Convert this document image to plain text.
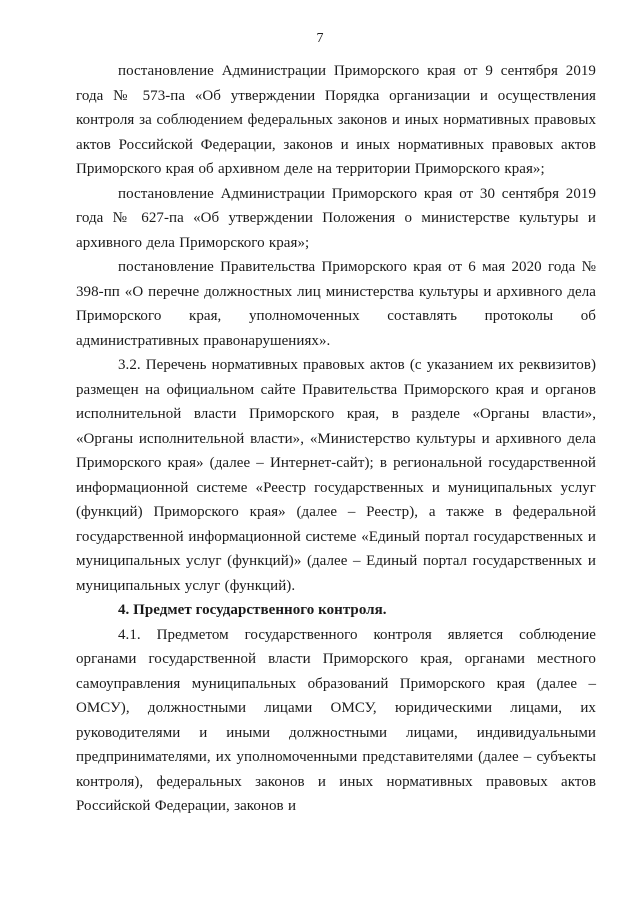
7

постановление Администрации Приморского края от 9 сентября 2019 года № 573-па «Об утверждении Порядка организации и осуществления контроля за соблюдением федеральных законов и иных нормативных правовых актов Российской Федерации, законов и иных нормативных правовых актов Приморского края об архивном деле на территории Приморского края»;

постановление Администрации Приморского края от 30 сентября 2019 года № 627-па «Об утверждении Положения о министерстве культуры и архивного дела Приморского края»;

постановление Правительства Приморского края от 6 мая 2020 года № 398-пп «О перечне должностных лиц министерства культуры и архивного дела Приморского края, уполномоченных составлять протоколы об административных правонарушениях».

3.2. Перечень нормативных правовых актов (с указанием их реквизитов) размещен на официальном сайте Правительства Приморского края и органов исполнительной власти Приморского края, в разделе «Органы власти», «Органы исполнительной власти», «Министерство культуры и архивного дела Приморского края» (далее – Интернет-сайт); в региональной государственной информационной системе «Реестр государственных и муниципальных услуг (функций) Приморского края» (далее – Реестр), а также в федеральной государственной информационной системе «Единый портал государственных и муниципальных услуг (функций)» (далее – Единый портал государственных и муниципальных услуг (функций).

4. Предмет государственного контроля.

4.1. Предметом государственного контроля является соблюдение органами государственной власти Приморского края, органами местного самоуправления муниципальных образований Приморского края (далее – ОМСУ), должностными лицами ОМСУ, юридическими лицами, их руководителями и иными должностными лицами, индивидуальными предпринимателями, их уполномоченными представителями (далее – субъекты контроля), федеральных законов и иных нормативных правовых актов Российской Федерации, законов и
